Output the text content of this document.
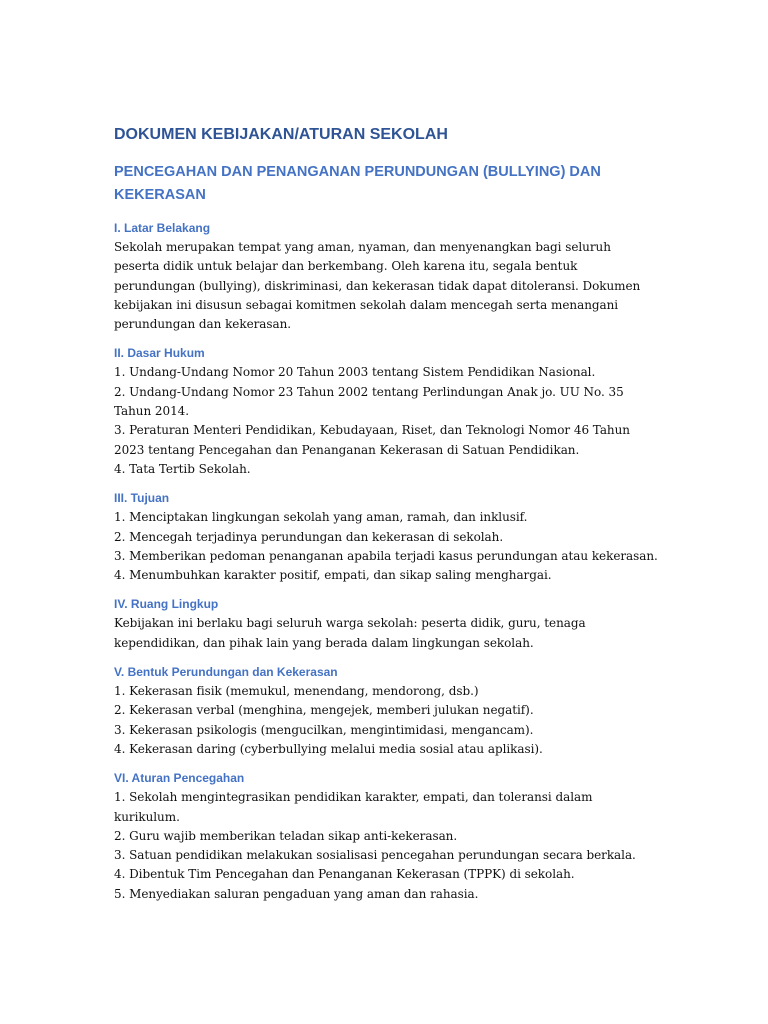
DOKUMEN KEBIJAKAN/ATURAN SEKOLAH
PENCEGAHAN DAN PENANGANAN PERUNDUNGAN (BULLYING) DAN KEKERASAN
I. Latar Belakang

Sekolah merupakan tempat yang aman, nyaman, dan menyenangkan bagi seluruh peserta didik untuk belajar dan berkembang. Oleh karena itu, segala bentuk perundungan (bullying), diskriminasi, dan kekerasan tidak dapat ditoleransi. Dokumen kebijakan ini disusun sebagai komitmen sekolah dalam mencegah serta menangani perundungan dan kekerasan.

II. Dasar Hukum
1. Undang-Undang Nomor 20 Tahun 2003 tentang Sistem Pendidikan Nasional.
2. Undang-Undang Nomor 23 Tahun 2002 tentang Perlindungan Anak jo. UU No. 35 Tahun 2014.
3. Peraturan Menteri Pendidikan, Kebudayaan, Riset, dan Teknologi Nomor 46 Tahun 2023 tentang Pencegahan dan Penanganan Kekerasan di Satuan Pendidikan.
4. Tata Tertib Sekolah.
III. Tujuan
1. Menciptakan lingkungan sekolah yang aman, ramah, dan inklusif.
2. Mencegah terjadinya perundungan dan kekerasan di sekolah.
3. Memberikan pedoman penanganan apabila terjadi kasus perundungan atau kekerasan.
4. Menumbuhkan karakter positif, empati, dan sikap saling menghargai.
IV. Ruang Lingkup

Kebijakan ini berlaku bagi seluruh warga sekolah: peserta didik, guru, tenaga kependidikan, dan pihak lain yang berada dalam lingkungan sekolah.

V. Bentuk Perundungan dan Kekerasan
1. Kekerasan fisik (memukul, menendang, mendorong, dsb.)
2. Kekerasan verbal (menghina, mengejek, memberi julukan negatif).
3. Kekerasan psikologis (mengucilkan, mengintimidasi, mengancam).
4. Kekerasan daring (cyberbullying melalui media sosial atau aplikasi).
VI. Aturan Pencegahan
1. Sekolah mengintegrasikan pendidikan karakter, empati, dan toleransi dalam kurikulum.
2. Guru wajib memberikan teladan sikap anti-kekerasan.
3. Satuan pendidikan melakukan sosialisasi pencegahan perundungan secara berkala.
4. Dibentuk Tim Pencegahan dan Penanganan Kekerasan (TPPK) di sekolah.
5. Menyediakan saluran pengaduan yang aman dan rahasia.
